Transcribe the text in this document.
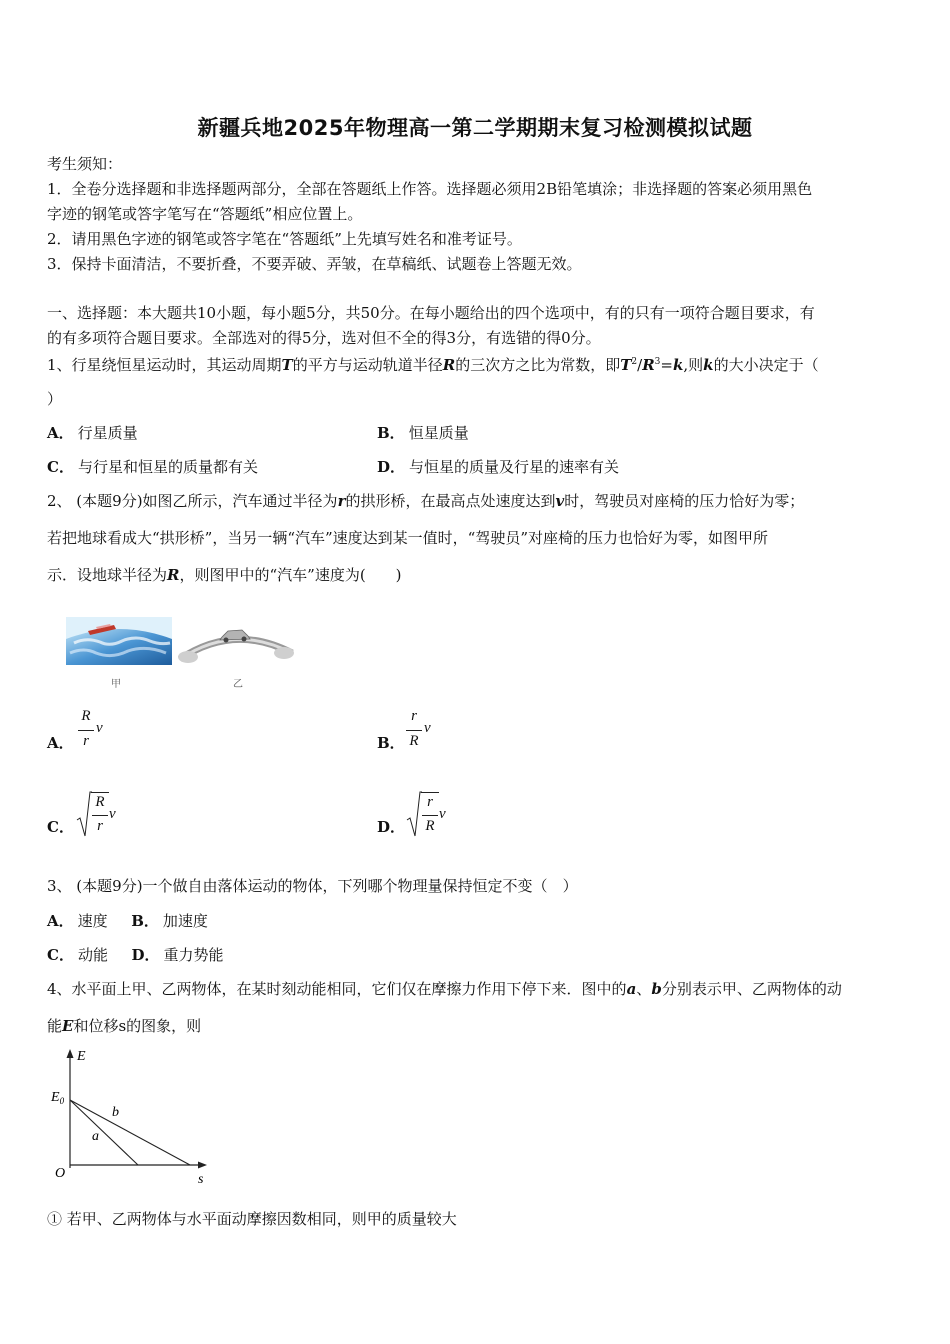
新疆兵地2025年物理高一第二学期期末复习检测模拟试题
考生须知：
1．全卷分选择题和非选择题两部分，全部在答题纸上作答。选择题必须用2B铅笔填涂；非选择题的答案必须用黑色
字迹的钢笔或答字笔写在“答题纸”相应位置上。
2．请用黑色字迹的钢笔或答字笔在“答题纸”上先填写姓名和准考证号。
3．保持卡面清洁，不要折叠，不要弄破、弄皱，在草稿纸、试题卷上答题无效。
一、选择题：本大题共10小题，每小题5分，共50分。在每小题给出的四个选项中，有的只有一项符合题目要求，有
的有多项符合题目要求。全部选对的得5分，选对但不全的得3分，有选错的得0分。
1、行星绕恒星运动时，其运动周期T的平方与运动轨道半径R的三次方之比为常数，即$T^2/R^3=k$,则k的大小决定于（
）
A． 行星质量	B． 恒星质量
C． 与行星和恒星的质量都有关	D． 与恒星的质量及行星的速率有关
2、 (本题9分)如图乙所示，汽车通过半径为r的拱形桥，在最高点处速度达到v时，驾驶员对座椅的压力恰好为零；
若把地球看成大“拱形桥”，当另一辆“汽车”速度达到某一值时，“驾驶员”对座椅的压力也恰好为零，如图甲所
示．设地球半径为R，则图甲中的“汽车”速度为(　　)
甲	乙
A．
R
r
v
B．
r
R
v
C．
R
r
v
D．
r
R
v
3、 (本题9分)一个做自由落体运动的物体，下列哪个物理量保持恒定不变（　）
A． 速度 B． 加速度
C． 动能 D． 重力势能
4、水平面上甲、乙两物体，在某时刻动能相同，它们仅在摩擦力作用下停下来．图中的a、b分别表示甲、乙两物体的动
能E和位移s的图象，则
E
s
O
$E_0$
a
b
① 若甲、乙两物体与水平面动摩擦因数相同，则甲的质量较大
